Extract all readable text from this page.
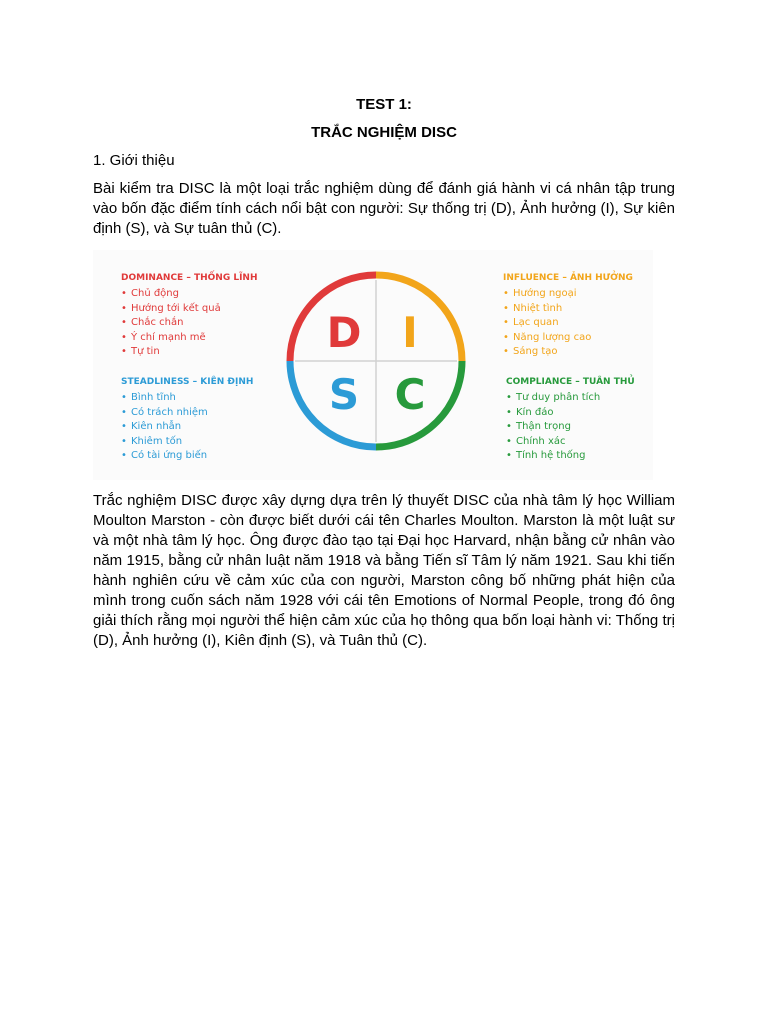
TEST 1:
TRẮC NGHIỆM DISC
1. Giới thiệu

Bài kiểm tra DISC là một loại trắc nghiệm dùng để đánh giá hành vi cá nhân tập trung vào bốn đặc điểm tính cách nổi bật con người: Sự thống trị (D), Ảnh hưởng (I), Sự kiên định (S), và Sự tuân thủ (C).

D I
S C
DOMINANCE – THỐNG LĨNH
• Chủ động
• Hướng tới kết quả
• Chắc chắn
• Ý chí mạnh mẽ
• Tự tin
STEADLINESS – KIÊN ĐỊNH
• Bình tĩnh
• Có trách nhiệm
• Kiên nhẫn
• Khiêm tốn
• Có tài ứng biến
INFLUENCE – ẢNH HƯỞNG
• Hướng ngoại
• Nhiệt tình
• Lạc quan
• Năng lượng cao
• Sáng tạo
COMPLIANCE – TUÂN THỦ
• Tư duy phân tích
• Kín đáo
• Thận trọng
• Chính xác
• Tính hệ thống

Trắc nghiệm DISC được xây dựng dựa trên lý thuyết DISC của nhà tâm lý học William Moulton Marston - còn được biết dưới cái tên Charles Moulton. Marston là một luật sư và một nhà tâm lý học. Ông được đào tạo tại Đại học Harvard, nhận bằng cử nhân vào năm 1915, bằng cử nhân luật năm 1918 và bằng Tiến sĩ Tâm lý năm 1921. Sau khi tiến hành nghiên cứu về cảm xúc của con người, Marston công bố những phát hiện của mình trong cuốn sách năm 1928 với cái tên Emotions of Normal People, trong đó ông giải thích rằng mọi người thể hiện cảm xúc của họ thông qua bốn loại hành vi: Thống trị (D), Ảnh hưởng (I), Kiên định (S), và Tuân thủ (C).
